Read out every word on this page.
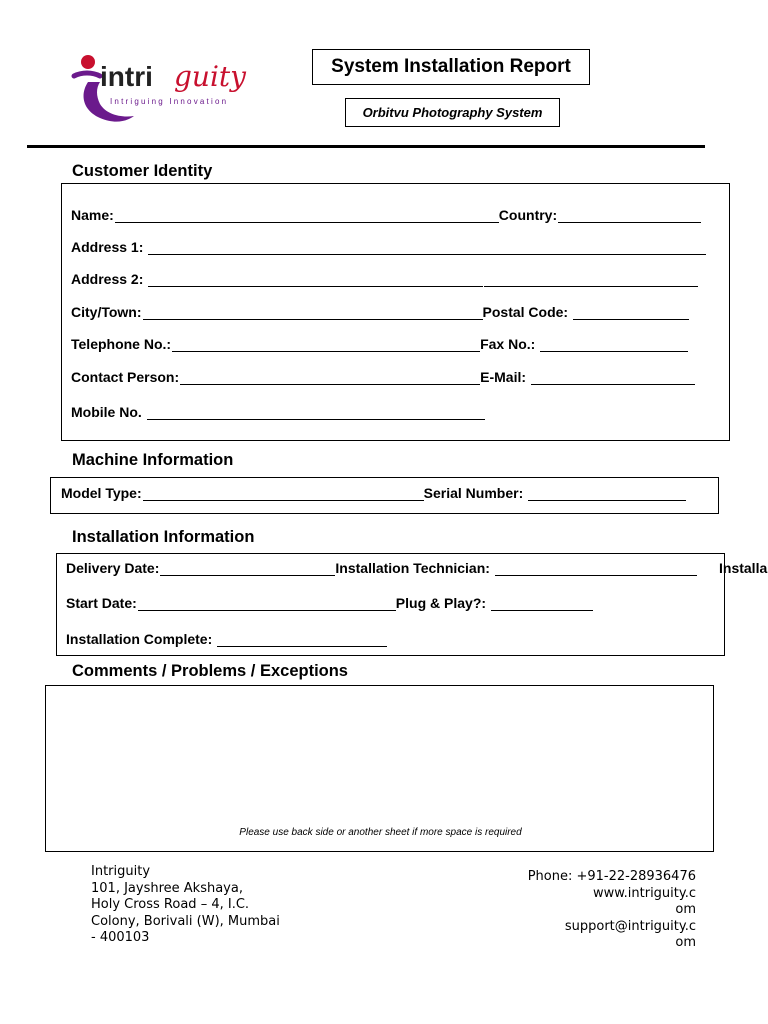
intri guity
Intriguing Innovation
System Installation Report
Orbitvu Photography System
Customer Identity
Name:	Country:
Address 1:
Address 2:
City/Town:	Postal Code:
Telephone No.:	Fax No.:
Contact Person:	E-Mail:
Mobile No.
Machine Information
Model Type:	Serial Number:
Installation Information
Delivery Date:	Installation Technician:	Installa
Start Date:	Plug & Play?:
Installation Complete:
Comments / Problems / Exceptions
Please use back side or another sheet if more space is required
Intriguity
101, Jayshree Akshaya,
Holy Cross Road – 4, I.C.
Colony, Borivali (W), Mumbai
- 400103
Phone: +91-22-28936476
www.intriguity.c
om
support@intriguity.c
om
